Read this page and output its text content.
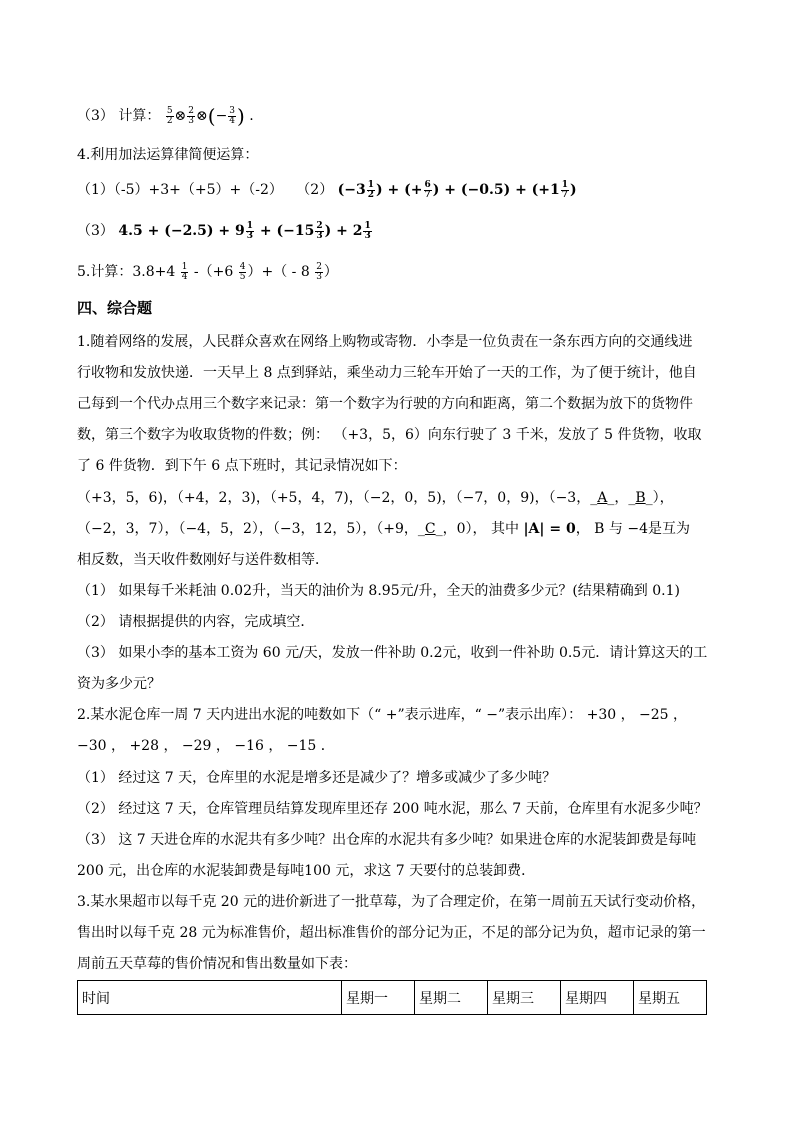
（3） 计算： $\frac{5}{2}$ ⊗ $\frac{2}{3}$ ⊗(− $\frac{3}{4}$ ) .
4.利用加法运算律简便运算：
（1）（-5）+3+（+5）+（-2） （2） ($-3 \frac{1}{2}$ ) + (+ $\frac{6}{7}$ ) + $(-0.5) + (+1 \frac{1}{7}$ )
（3） $4.5 + (-2.5) + 9 \frac{1}{3} + (-15 \frac{2}{3}$ ) + $2 \frac{1}{3}$
5.计算：$3.8+4 \frac{1}{4} -(+6 \frac{4}{5}$ ）+（ - $8 \frac{2}{3}$ ）
四、综合题
1.随着网络的发展，人民群众喜欢在网络上购物或寄物．小李是一位负责在一条东西方向的交通线进
行收物和发放快递．一天早上 8 点到驿站，乘坐动力三轮车开始了一天的工作，为了便于统计，他自
己每到一个代办点用三个数字来记录：第一个数字为行驶的方向和距离，第二个数据为放下的货物件
数，第三个数字为收取货物的件数；例： （+3，5，6）向东行驶了 3 千米，发放了 5 件货物，收取
了 6 件货物．到下午 6 点下班时，其记录情况如下：
（+3，5，6)，（+4，2，3)，（+5，4，7)，（−2，0，5)，（−7，0，9)，（−3，_A_，_B_），
（−2，3，7），（−4，5，2），（−3，12，5），（+9，_C_，0）， 其中 |A| = 0， B 与 −4是互为
相反数，当天收件数刚好与送件数相等．
（1） 如果每千米耗油 0.02升，当天的油价为 8.95元/升，全天的油费多少元？(结果精确到 0.1)
（2） 请根据提供的内容，完成填空．
（3） 如果小李的基本工资为 60 元/天，发放一件补助 0.2元，收到一件补助 0.5元．请计算这天的工
资为多少元？
2.某水泥仓库一周 7 天内进出水泥的吨数如下（“ +”表示进库，“ −”表示出库）： +30 ， −25 ，
−30 ， +28 ， −29 ， −16 ， −15 ．
（1） 经过这 7 天，仓库里的水泥是增多还是减少了？增多或减少了多少吨？
（2） 经过这 7 天，仓库管理员结算发现库里还存 200 吨水泥，那么 7 天前，仓库里有水泥多少吨？
（3） 这 7 天进仓库的水泥共有多少吨？出仓库的水泥共有多少吨？如果进仓库的水泥装卸费是每吨
200 元，出仓库的水泥装卸费是每吨100 元，求这 7 天要付的总装卸费．
3.某水果超市以每千克 20 元的进价新进了一批草莓，为了合理定价，在第一周前五天试行变动价格，
售出时以每千克 28 元为标准售价，超出标准售价的部分记为正，不足的部分记为负，超市记录的第一
周前五天草莓的售价情况和售出数量如下表：
时间	星期一	星期二	星期三	星期四	星期五
